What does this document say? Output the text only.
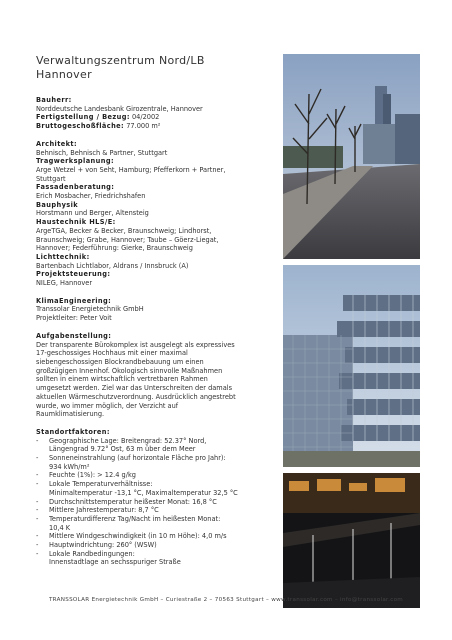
Verwaltungszentrum Nord/LB
Hannover
Bauherr:
Norddeutsche Landesbank Girozentrale, Hannover
Fertigstellung / Bezug: 04/2002
Bruttogeschoßfläche: 77.000 m²
Architekt:
Behnisch, Behnisch & Partner, Stuttgart
Tragwerksplanung:
Arge Wetzel + von Seht, Hamburg; Pfefferkorn + Partner,
Stuttgart
Fassadenberatung:
Erich Mosbacher, Friedrichshafen
Bauphysik
Horstmann und Berger, Altensteig
Haustechnik HLS/E:
ArgeTGA, Becker & Becker, Braunschweig; Lindhorst,
Braunschweig; Grabe, Hannover; Taube – Göerz-Liegat,
Hannover; Federführung: Gierke, Braunschweig
Lichttechnik:
Bartenbach Lichtlabor, Aldrans / Innsbruck (A)
Projektsteuerung:
NILEG, Hannover
KlimaEngineering:
Transsolar Energietechnik GmbH
Projektleiter: Peter Voit
Aufgabenstellung:
Der transparente Bürokomplex ist ausgelegt als expressives
17-geschossiges Hochhaus mit einer maximal
siebengeschossigen Blockrandbebauung um einen
großzügigen Innenhof. Ökologisch sinnvolle Maßnahmen
sollten in einem wirtschaftlich vertretbaren Rahmen
umgesetzt werden. Ziel war das Unterschreiten der damals
aktuellen Wärmeschutzverordnung. Ausdrücklich angestrebt
wurde, wo immer möglich, der Verzicht auf
Raumklimatisierung.
Standortfaktoren:
- Geographische Lage: Breitengrad: 52.37° Nord,
Längengrad 9.72° Ost, 63 m über dem Meer
- Sonneneinstrahlung (auf horizontale Fläche pro Jahr):
934 kWh/m²
- Feuchte (1%): > 12.4 g/kg
- Lokale Temperaturverhältnisse:
Minimaltemperatur -13,1 °C, Maximaltemperatur 32,5 °C
- Durchschnittstemperatur heißester Monat: 16,8 °C
- Mittlere Jahrestemperatur: 8,7 °C
- Temperaturdifferenz Tag/Nacht im heißesten Monat:
10,4 K
- Mittlere Windgeschwindigkeit (in 10 m Höhe): 4,0 m/s
- Hauptwindrichtung: 260° (WSW)
- Lokale Randbedingungen:
Innenstadtlage an sechsspuriger Straße
TRANSSOLAR Energietechnik GmbH – Curiestraße 2 – 70563 Stuttgart – www.transsolar.com – info@transsolar.com
